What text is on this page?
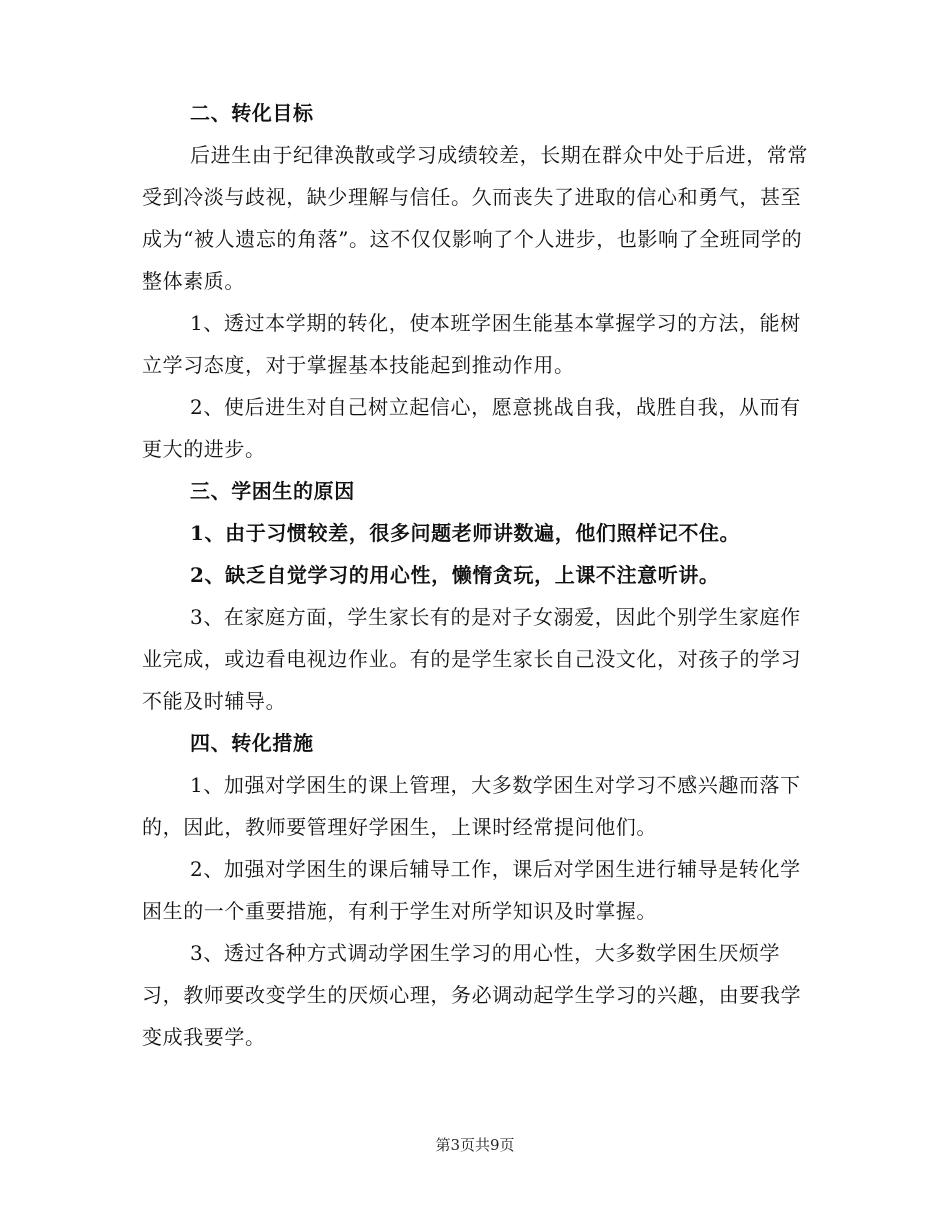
二、转化目标

后进生由于纪律涣散或学习成绩较差，长期在群众中处于后进，常常受到冷淡与歧视，缺少理解与信任。久而丧失了进取的信心和勇气，甚至成为“被人遗忘的角落”。这不仅仅影响了个人进步，也影响了全班同学的整体素质。

1、透过本学期的转化，使本班学困生能基本掌握学习的方法，能树立学习态度，对于掌握基本技能起到推动作用。

2、使后进生对自己树立起信心，愿意挑战自我，战胜自我，从而有更大的进步。

三、学困生的原因

1、由于习惯较差，很多问题老师讲数遍，他们照样记不住。

2、缺乏自觉学习的用心性，懒惰贪玩，上课不注意听讲。

3、在家庭方面，学生家长有的是对子女溺爱，因此个别学生家庭作业完成，或边看电视边作业。有的是学生家长自己没文化，对孩子的学习不能及时辅导。

四、转化措施

1、加强对学困生的课上管理，大多数学困生对学习不感兴趣而落下的，因此，教师要管理好学困生，上课时经常提问他们。

2、加强对学困生的课后辅导工作，课后对学困生进行辅导是转化学困生的一个重要措施，有利于学生对所学知识及时掌握。

3、透过各种方式调动学困生学习的用心性，大多数学困生厌烦学习，教师要改变学生的厌烦心理，务必调动起学生学习的兴趣，由要我学变成我要学。

第3页共9页
